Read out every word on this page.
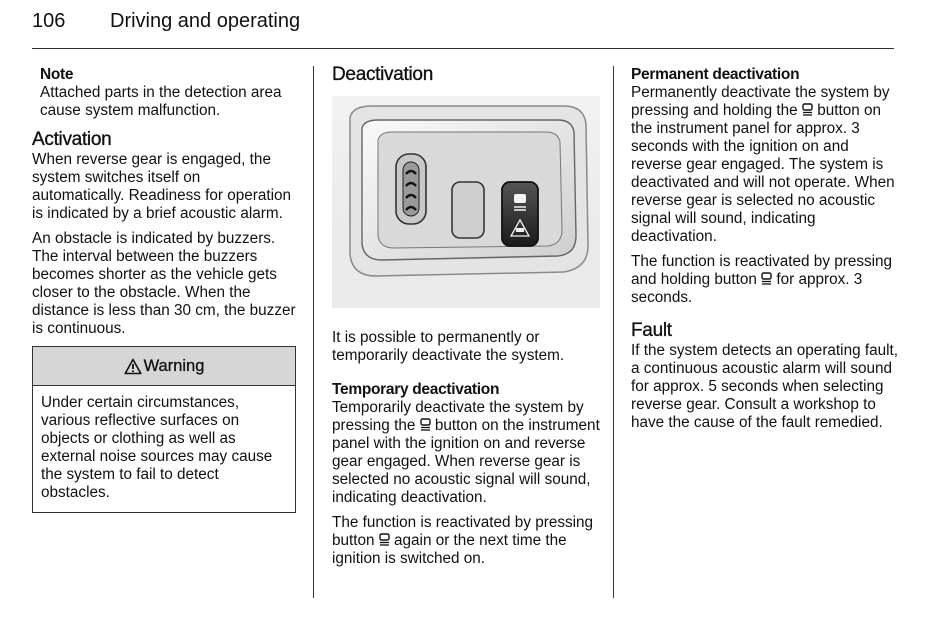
106 Driving and operating
Note

Attached parts in the detection area cause system malfunction.

Activation

When reverse gear is engaged, the system switches itself on automatically. Readiness for operation is indicated by a brief acoustic alarm.

An obstacle is indicated by buzzers. The interval between the buzzers becomes shorter as the vehicle gets closer to the obstacle. When the distance is less than 30 cm, the buzzer is continuous.

Warning

Under certain circumstances, various reflective surfaces on objects or clothing as well as external noise sources may cause the system to fail to detect obstacles.

Deactivation

It is possible to permanently or temporarily deactivate the system.

Temporary deactivation

Temporarily deactivate the system by pressing the  button on the instrument panel with the ignition on and reverse gear engaged. When reverse gear is selected no acoustic signal will sound, indicating deactivation.

The function is reactivated by pressing button  again or the next time the ignition is switched on.

Permanent deactivation

Permanently deactivate the system by pressing and holding the  button on the instrument panel for approx. 3 seconds with the ignition on and reverse gear engaged. The system is deactivated and will not operate. When reverse gear is selected no acoustic signal will sound, indicating deactivation.

The function is reactivated by pressing and holding button  for approx. 3 seconds.

Fault

If the system detects an operating fault, a continuous acoustic alarm will sound for approx. 5 seconds when selecting reverse gear. Consult a workshop to have the cause of the fault remedied.
